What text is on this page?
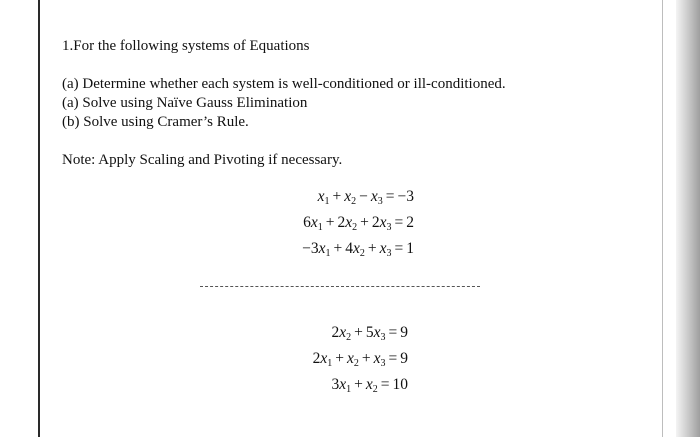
1.For the following systems of Equations
(a) Determine whether each system is well-conditioned or ill-conditioned.
(a) Solve using Naïve Gauss Elimination
(b) Solve using Cramer’s Rule.
Note: Apply Scaling and Pivoting if necessary.
$x_1 + x_2 - x_3 = -3$
$6x_1 + 2x_2 + 2x_3 = 2$
$-3x_1 + 4x_2 + x_3 = 1$
$2x_2 + 5x_3 = 9$
$2x_1 + x_2 + x_3 = 9$
$3x_1 + x_2 = 10$
